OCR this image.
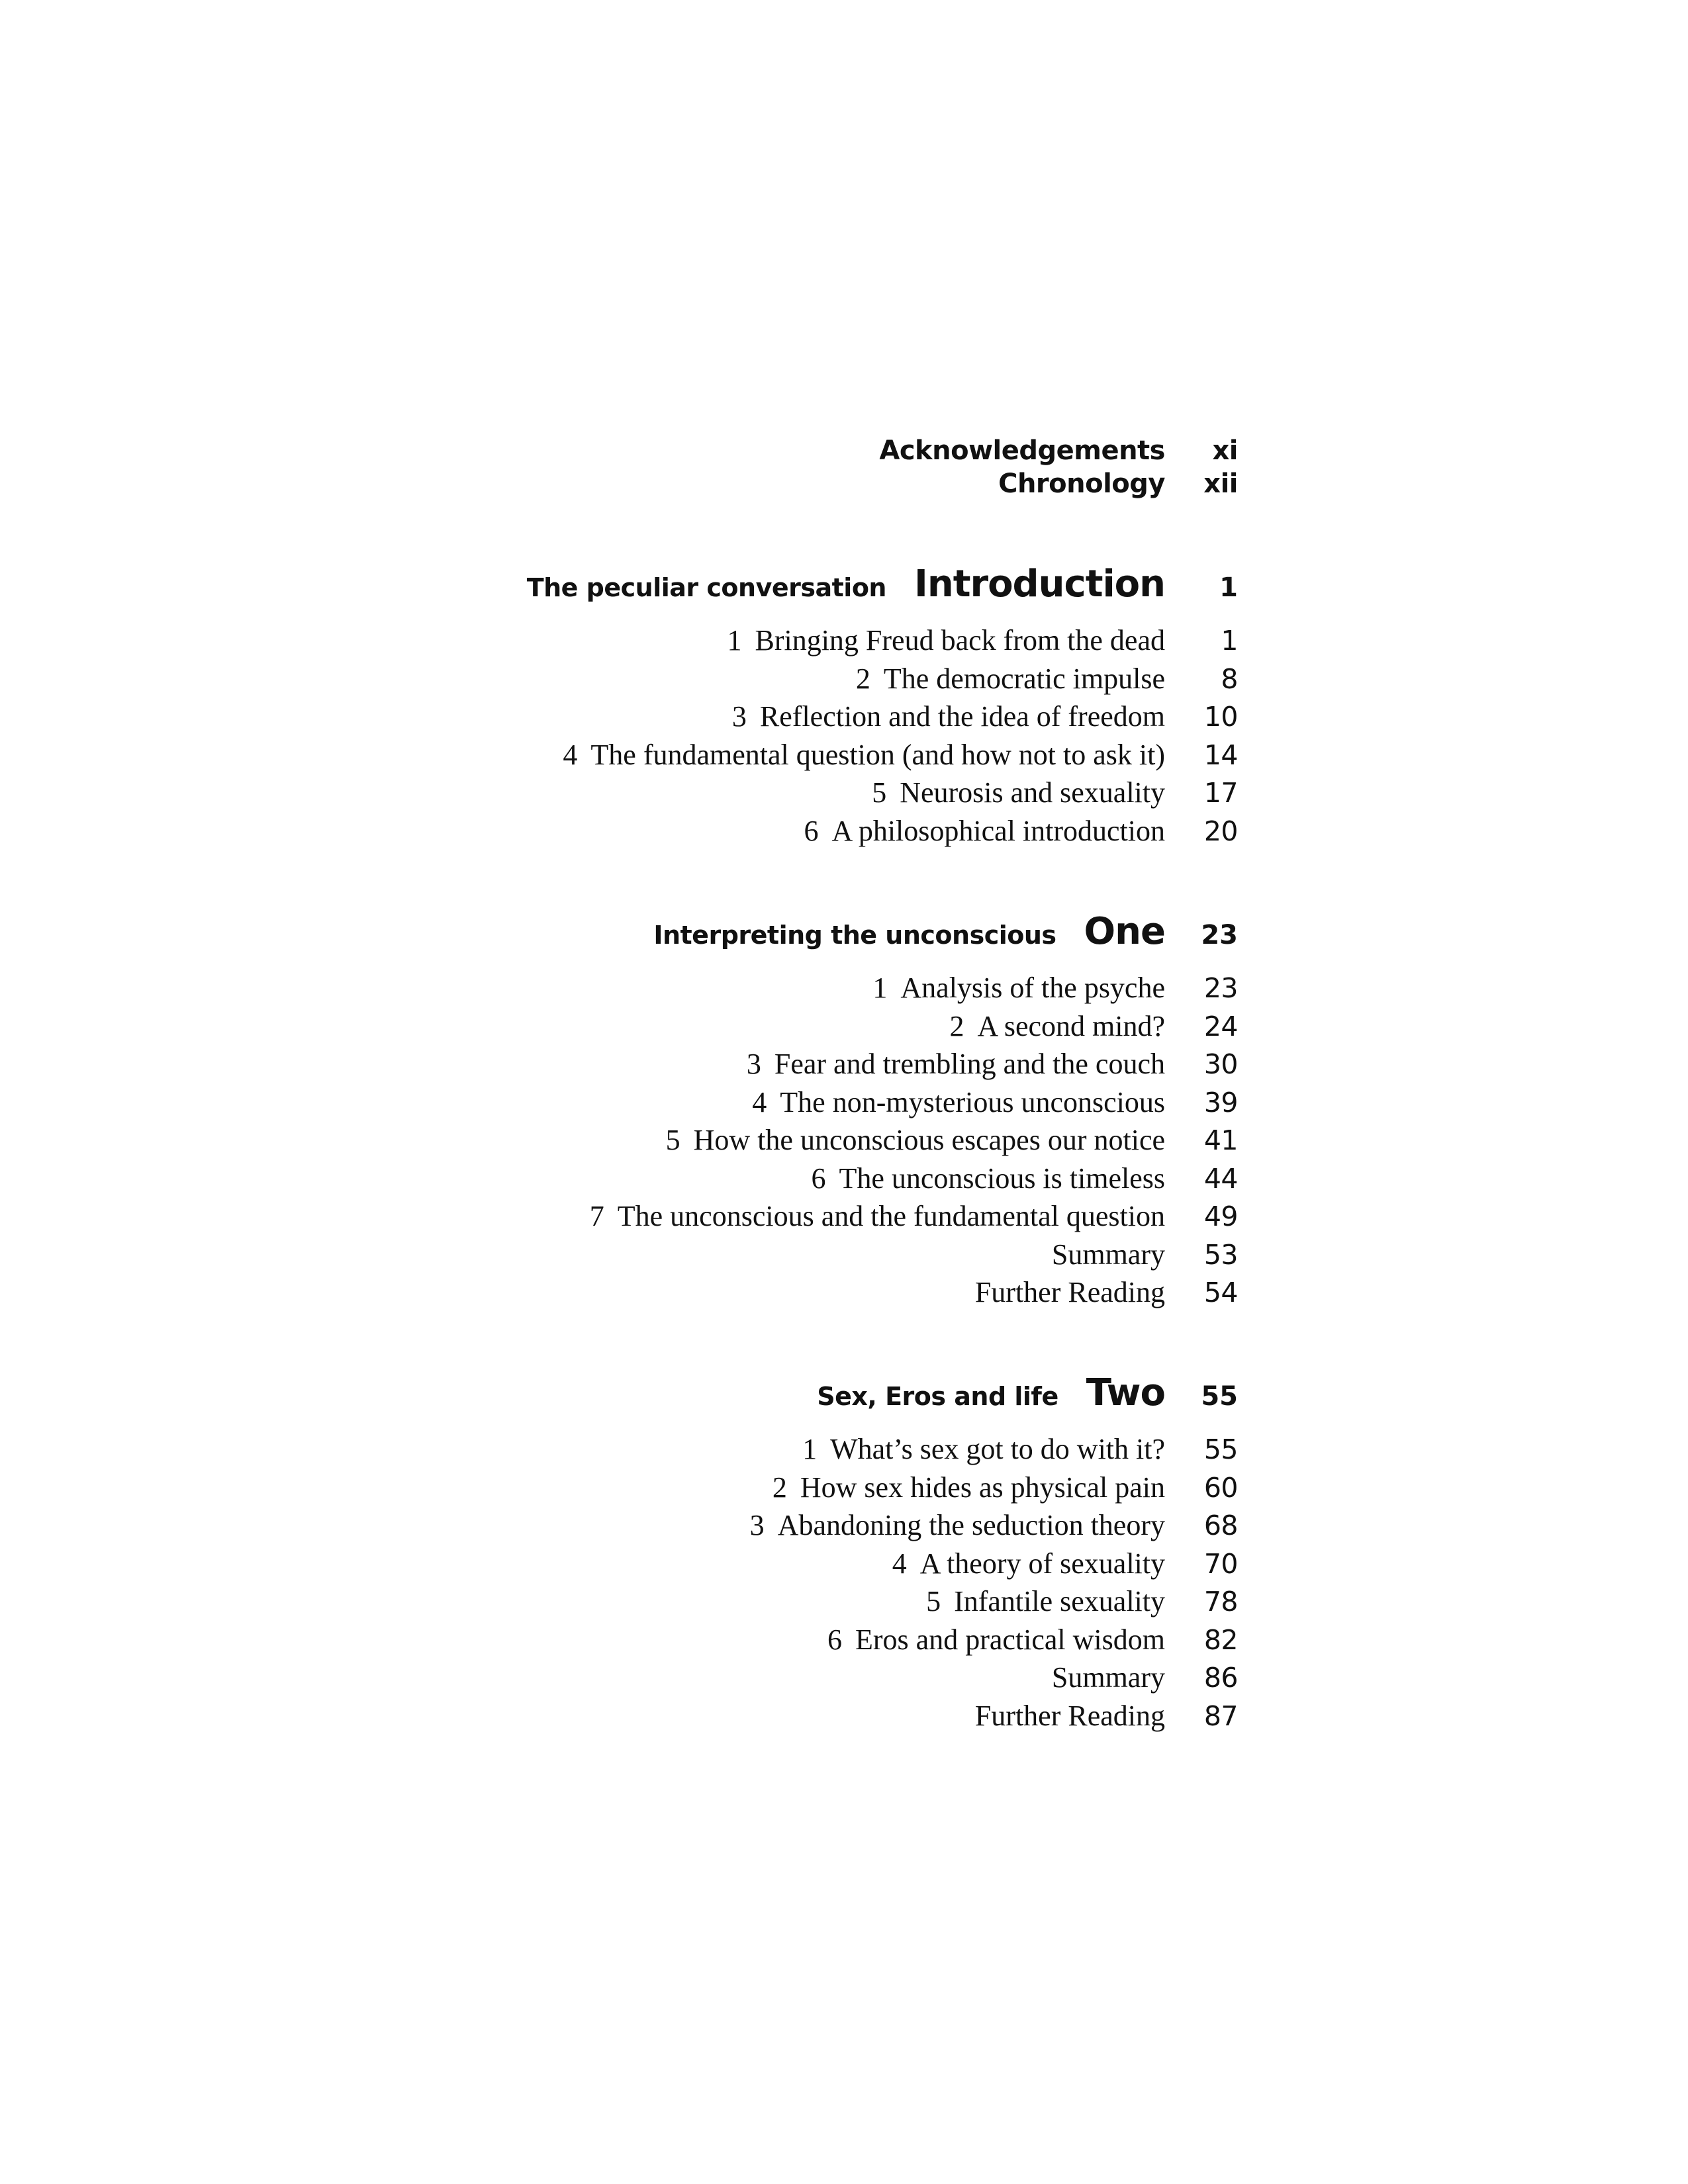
Acknowledgements	xi
Chronology	xii
The peculiar conversation Introduction	1
1 Bringing Freud back from the dead	1
2 The democratic impulse	8
3 Reflection and the idea of freedom	10
4 The fundamental question (and how not to ask it)	14
5 Neurosis and sexuality	17
6 A philosophical introduction	20
Interpreting the unconscious One	23
1 Analysis of the psyche	23
2 A second mind?	24
3 Fear and trembling and the couch	30
4 The non-mysterious unconscious	39
5 How the unconscious escapes our notice	41
6 The unconscious is timeless	44
7 The unconscious and the fundamental question	49
Summary	53
Further Reading	54
Sex, Eros and life Two	55
1 What’s sex got to do with it?	55
2 How sex hides as physical pain	60
3 Abandoning the seduction theory	68
4 A theory of sexuality	70
5 Infantile sexuality	78
6 Eros and practical wisdom	82
Summary	86
Further Reading	87
